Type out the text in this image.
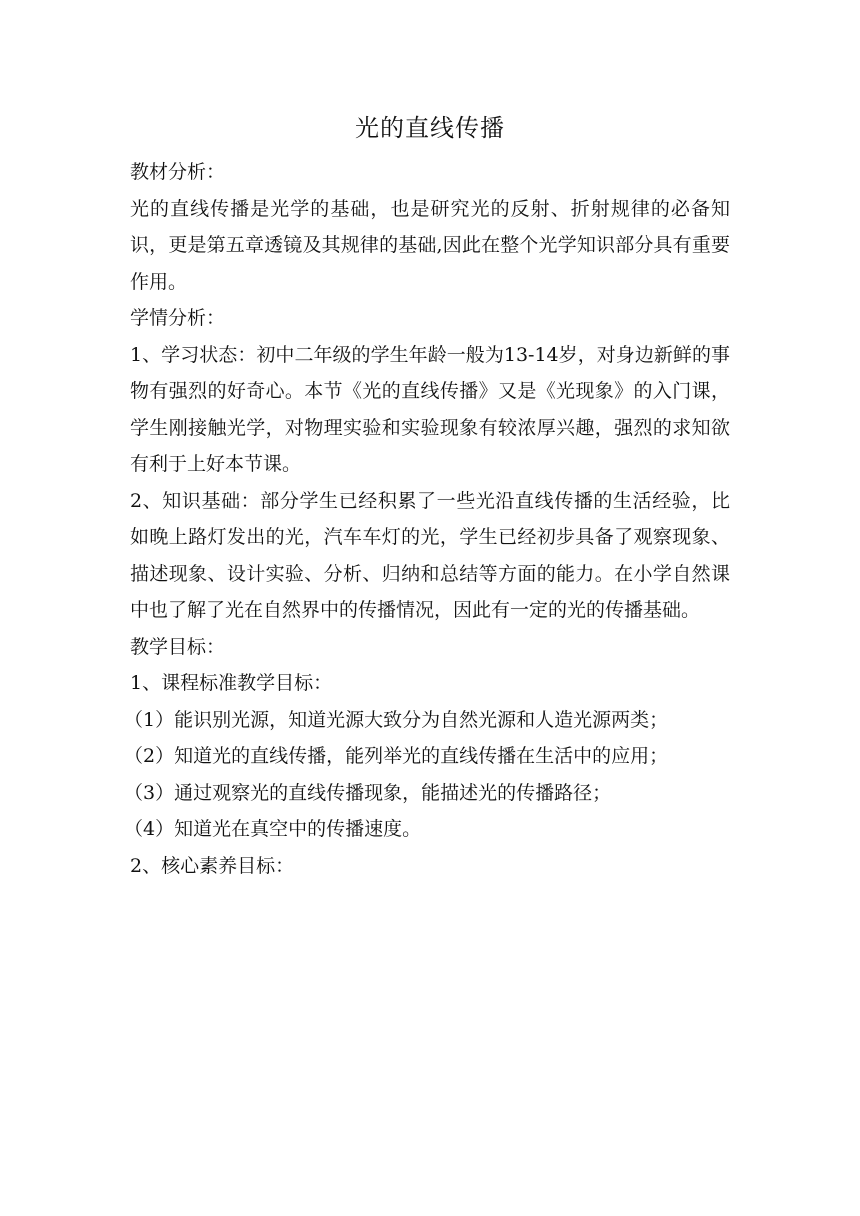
光的直线传播

教材分析：

光的直线传播是光学的基础，也是研究光的反射、折射规律的必备知识，更是第五章透镜及其规律的基础,因此在整个光学知识部分具有重要作用。

学情分析：

1、学习状态：初中二年级的学生年龄一般为13-14岁，对身边新鲜的事物有强烈的好奇心。本节《光的直线传播》又是《光现象》的入门课，学生刚接触光学，对物理实验和实验现象有较浓厚兴趣，强烈的求知欲有利于上好本节课。

2、知识基础：部分学生已经积累了一些光沿直线传播的生活经验，比如晚上路灯发出的光，汽车车灯的光，学生已经初步具备了观察现象、描述现象、设计实验、分析、归纳和总结等方面的能力。在小学自然课中也了解了光在自然界中的传播情况，因此有一定的光的传播基础。

教学目标：

1、课程标准教学目标：

（1）能识别光源，知道光源大致分为自然光源和人造光源两类；

（2）知道光的直线传播，能列举光的直线传播在生活中的应用；

（3）通过观察光的直线传播现象，能描述光的传播路径；

（4）知道光在真空中的传播速度。

2、核心素养目标：
